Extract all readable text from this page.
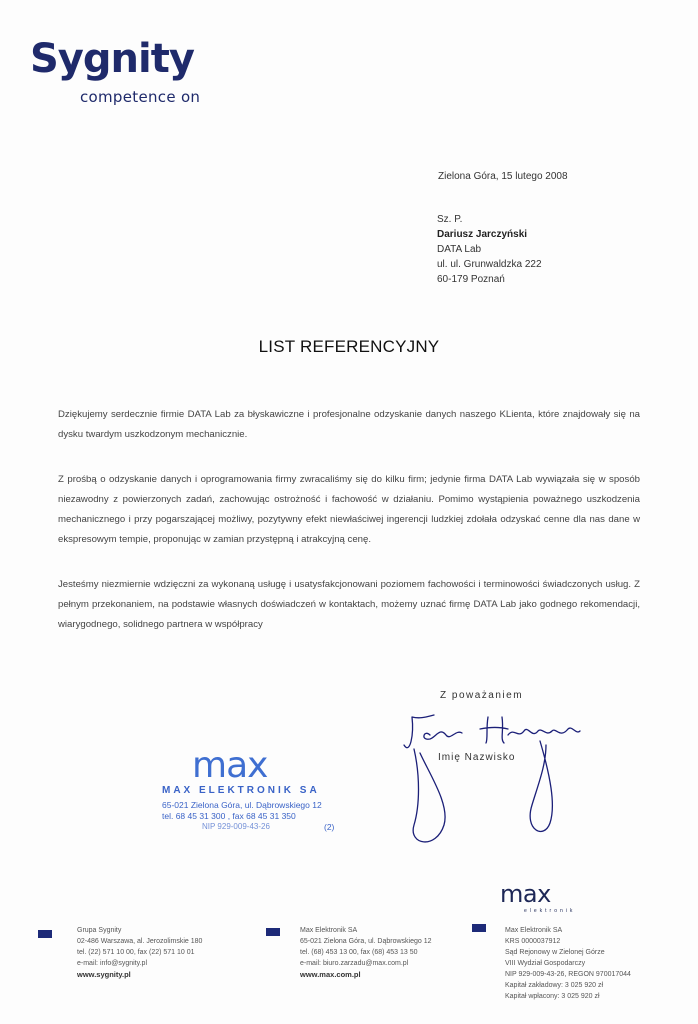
Sygnity
competence on
Zielona Góra, 15 lutego 2008
Sz. P.
Dariusz Jarczyński
DATA Lab
ul. ul. Grunwaldzka 222
60-179 Poznań
LIST REFERENCYJNY

Dziękujemy serdecznie firmie DATA Lab za błyskawiczne i profesjonalne odzyskanie danych naszego KLienta, które znajdowały się na dysku twardym uszkodzonym mechanicznie.

Z prośbą o odzyskanie danych i oprogramowania firmy zwracaliśmy się do kilku firm; jedynie firma DATA Lab wywiązała się w sposób niezawodny z powierzonych zadań, zachowując ostrożność i fachowość w działaniu. Pomimo wystąpienia poważnego uszkodzenia mechanicznego i przy pogarszającej możliwy, pozytywny efekt niewłaściwej ingerencji ludzkiej zdołała odzyskać cenne dla nas dane w ekspresowym tempie, proponując w zamian przystępną i atrakcyjną cenę.

Jesteśmy niezmiernie wdzięczni za wykonaną usługę i usatysfakcjonowani poziomem fachowości i terminowości świadczonych usług. Z pełnym przekonaniem, na podstawie własnych doświadczeń w kontaktach, możemy uznać firmę DATA Lab jako godnego rekomendacji, wiarygodnego, solidnego partnera w współpracy

Z poważaniem
Imię Nazwisko
max
MAX ELEKTRONIK SA
65-021 Zielona Góra, ul. Dąbrowskiego 12
tel. 68 45 31 300 , fax 68 45 31 350
NIP 929-009-43-26	(2)
max
elektronik
Grupa Sygnity
02-486 Warszawa, al. Jerozolimskie 180
tel. (22) 571 10 00, fax (22) 571 10 01
e-mail: info@sygnity.pl
www.sygnity.pl
Max Elektronik SA
65-021 Zielona Góra, ul. Dąbrowskiego 12
tel. (68) 453 13 00, fax (68) 453 13 50
e-mail: biuro.zarzadu@max.com.pl
www.max.com.pl
Max Elektronik SA
KRS 0000037912
Sąd Rejonowy w Zielonej Górze
VIII Wydział Gospodarczy
NIP 929-009-43-26, REGON 970017044
Kapitał zakładowy: 3 025 920 zł
Kapitał wpłacony: 3 025 920 zł
